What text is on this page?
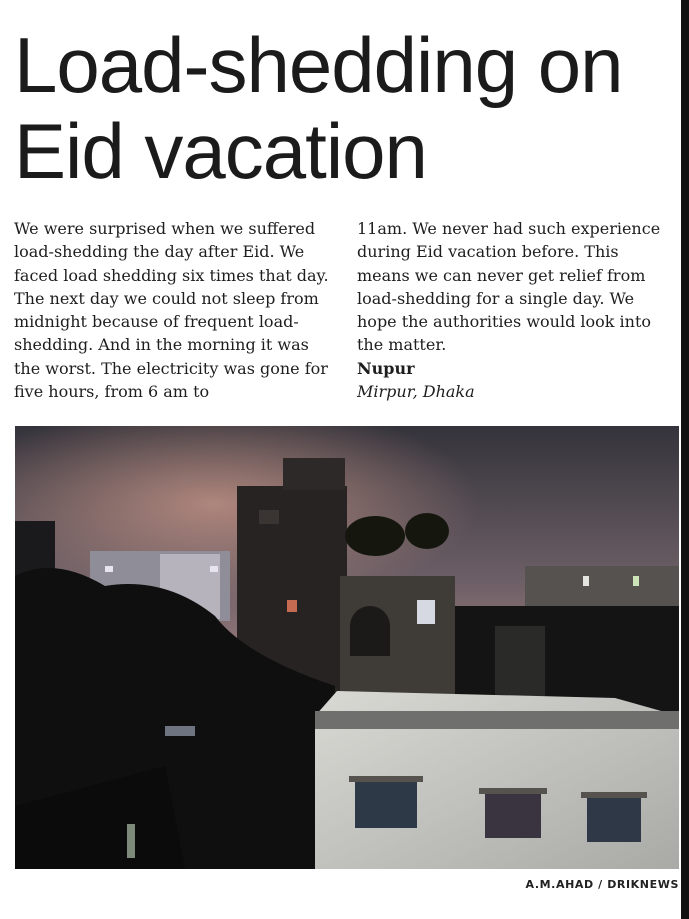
Load-shedding on
Eid vacation

We were surprised when we suffered load-shedding the day after Eid. We faced load shedding six times that day. The next day we could not sleep from midnight because of frequent load-shedding. And in the morning it was the worst. The electricity was gone for five hours, from 6 am to

11am. We never had such experience during Eid vacation before. This means we can never get relief from load-shedding for a single day. We hope the authorities would look into the matter.

Nupur

Mirpur, Dhaka

A.M.AHAD / DRIKNEWS
